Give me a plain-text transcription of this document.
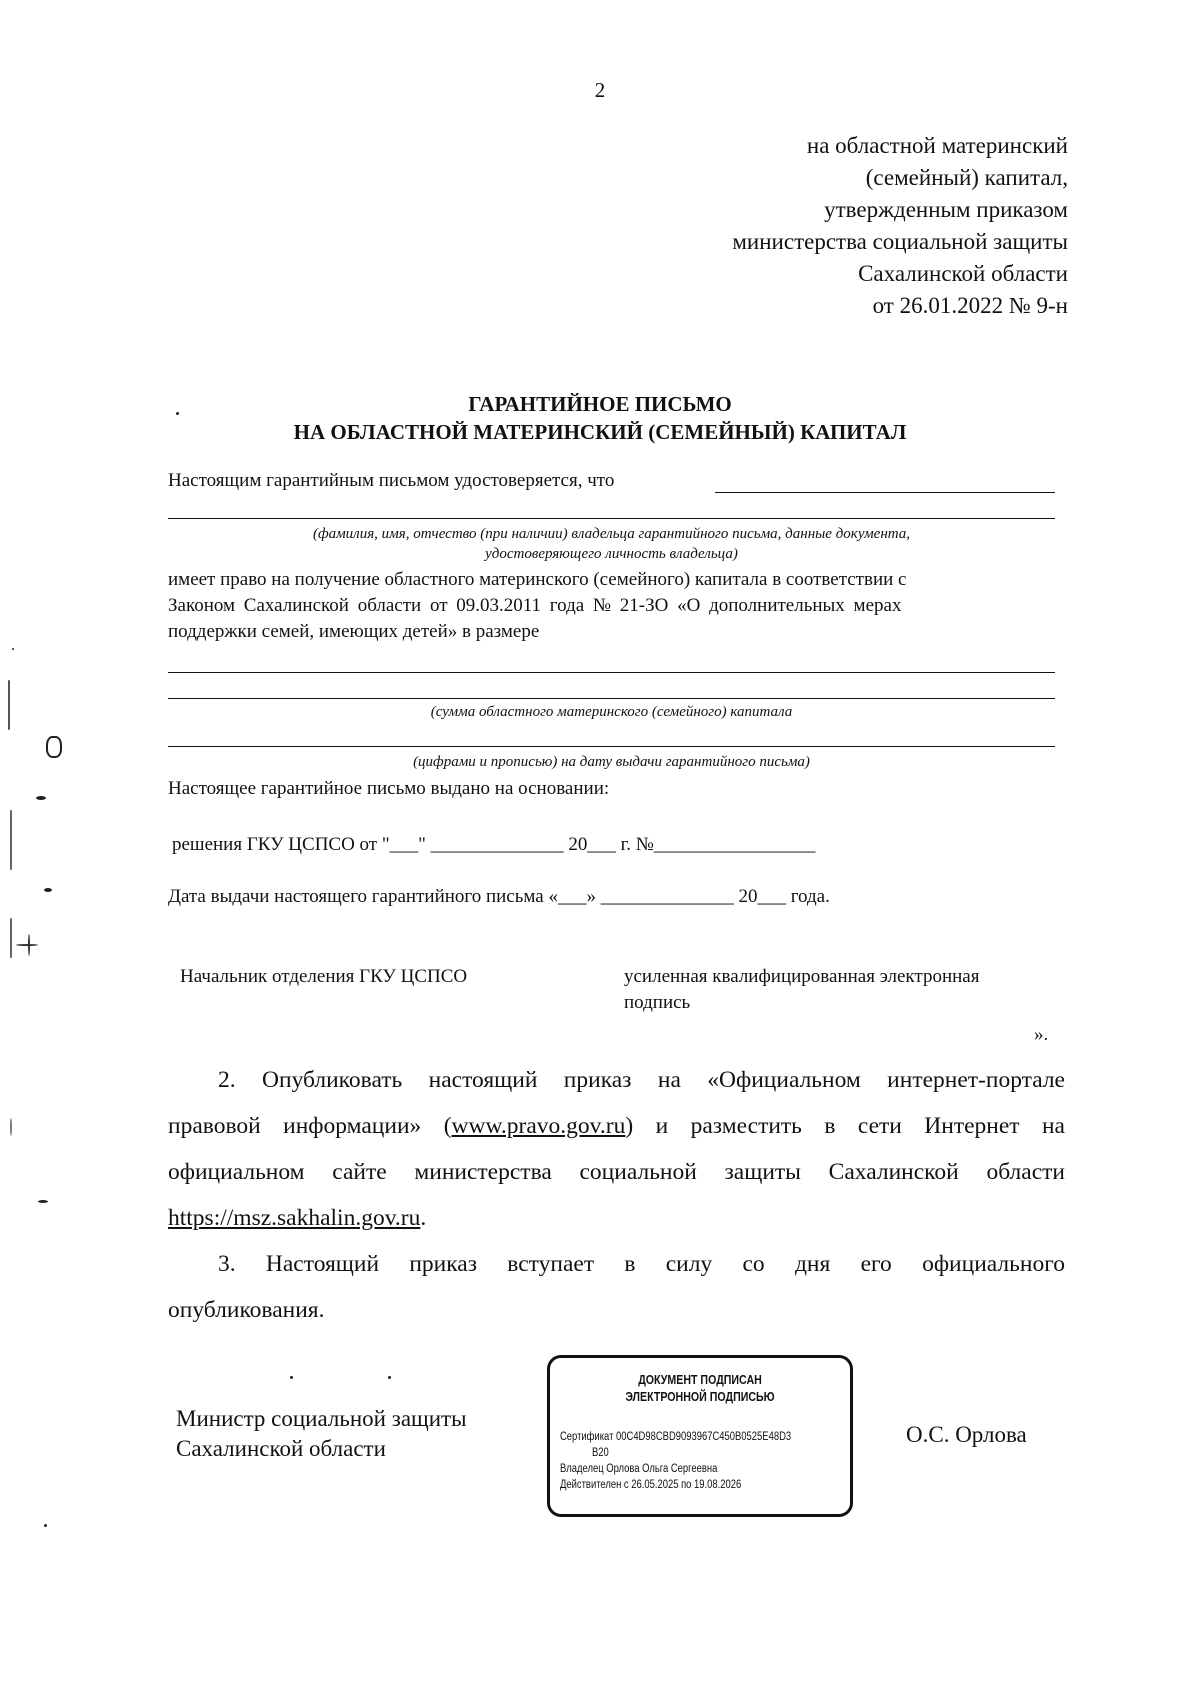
2
на областной материнский
(семейный) капитал,
утвержденным приказом
министерства социальной защиты
Сахалинской области
от 26.01.2022 № 9-н
ГАРАНТИЙНОЕ ПИСЬМО
НА ОБЛАСТНОЙ МАТЕРИНСКИЙ (СЕМЕЙНЫЙ) КАПИТАЛ
Настоящим гарантийным письмом удостоверяется, что
(фамилия, имя, отчество (при наличии) владельца гарантийного письма, данные документа,
удостоверяющего личность владельца)
имеет право на получение областного материнского (семейного) капитала в соответствии с
Законом Сахалинской области от 09.03.2011 года № 21-ЗО «О дополнительных мерах
поддержки семей, имеющих детей» в размере
(сумма областного материнского (семейного) капитала
(цифрами и прописью) на дату выдачи гарантийного письма)
Настоящее гарантийное письмо выдано на основании:
решения ГКУ ЦСПСО от "___" ______________ 20___ г. №_________________
Дата выдачи настоящего гарантийного письма «___» ______________ 20___ года.
Начальник отделения ГКУ ЦСПСО	усиленная квалифицированная электронная
подпись
».
2. Опубликовать настоящий приказ на «Официальном интернет-портале
правовой информации» (www.pravo.gov.ru) и разместить в сети Интернет на
официальном сайте министерства социальной защиты Сахалинской области
https://msz.sakhalin.gov.ru.
3. Настоящий приказ вступает в силу со дня его официального
опубликования.
Министр социальной защиты
Сахалинской области
ДОКУМЕНТ ПОДПИСАН
ЭЛЕКТРОННОЙ ПОДПИСЬЮ
Сертификат 00C4D98CBD9093967C450B0525E48D3
B20
Владелец Орлова Ольга Сергеевна
Действителен с 26.05.2025 по 19.08.2026
О.С. Орлова
